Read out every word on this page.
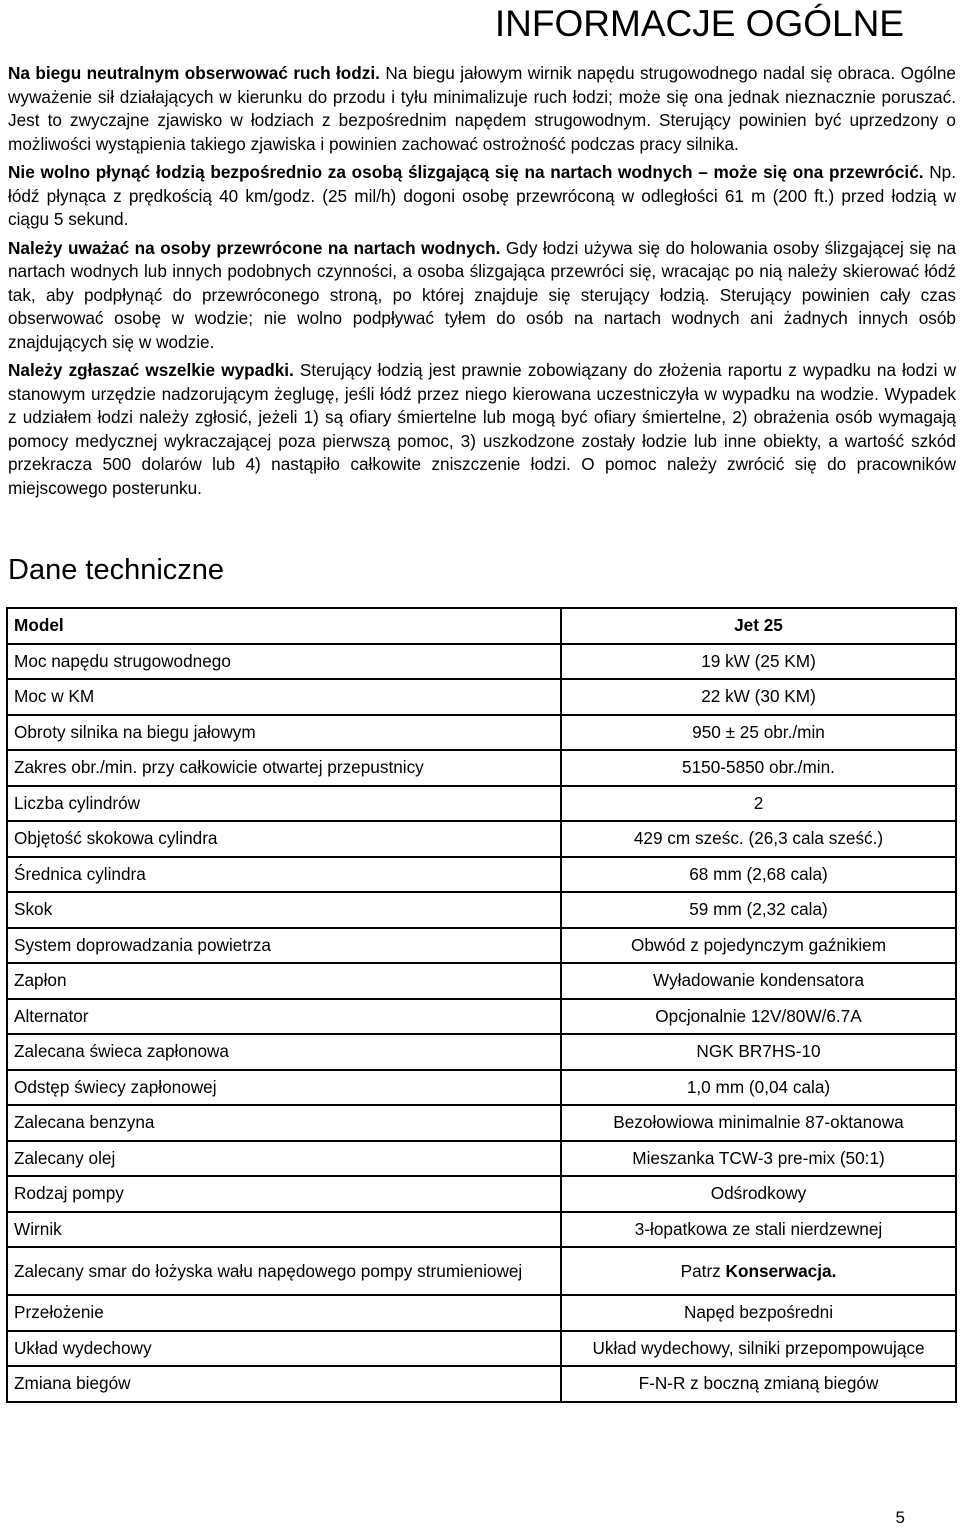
INFORMACJE OGÓLNE

Na biegu neutralnym obserwować ruch łodzi. Na biegu jałowym wirnik napędu strugowodnego nadal się obraca. Ogólne wyważenie sił działających w kierunku do przodu i tyłu minimalizuje ruch łodzi; może się ona jednak nieznacznie poruszać. Jest to zwyczajne zjawisko w łodziach z bezpośrednim napędem strugowodnym. Sterujący powinien być uprzedzony o możliwości wystąpienia takiego zjawiska i powinien zachować ostrożność podczas pracy silnika.

Nie wolno płynąć łodzią bezpośrednio za osobą ślizgającą się na nartach wodnych – może się ona przewrócić. Np. łódź płynąca z prędkością 40 km/godz. (25 mil/h) dogoni osobę przewróconą w odległości 61 m (200 ft.) przed łodzią w ciągu 5 sekund.

Należy uważać na osoby przewrócone na nartach wodnych. Gdy łodzi używa się do holowania osoby ślizgającej się na nartach wodnych lub innych podobnych czynności, a osoba ślizgająca przewróci się, wracając po nią należy skierować łódź tak, aby podpłynąć do przewróconego stroną, po której znajduje się sterujący łodzią. Sterujący powinien cały czas obserwować osobę w wodzie; nie wolno podpływać tyłem do osób na nartach wodnych ani żadnych innych osób znajdujących się w wodzie.

Należy zgłaszać wszelkie wypadki. Sterujący łodzią jest prawnie zobowiązany do złożenia raportu z wypadku na łodzi w stanowym urzędzie nadzorującym żeglugę, jeśli łódź przez niego kierowana uczestniczyła w wypadku na wodzie. Wypadek z udziałem łodzi należy zgłosić, jeżeli 1) są ofiary śmiertelne lub mogą być ofiary śmiertelne, 2) obrażenia osób wymagają pomocy medycznej wykraczającej poza pierwszą pomoc, 3) uszkodzone zostały łodzie lub inne obiekty, a wartość szkód przekracza 500 dolarów lub 4) nastąpiło całkowite zniszczenie łodzi. O pomoc należy zwrócić się do pracowników miejscowego posterunku.

Dane techniczne
Model	Jet 25
Moc napędu strugowodnego	19 kW (25 KM)
Moc w KM	22 kW (30 KM)
Obroty silnika na biegu jałowym	950 ± 25 obr./min
Zakres obr./min. przy całkowicie otwartej przepustnicy	5150-5850 obr./min.
Liczba cylindrów	2
Objętość skokowa cylindra	429 cm sześc. (26,3 cala sześć.)
Średnica cylindra	68 mm (2,68 cala)
Skok	59 mm (2,32 cala)
System doprowadzania powietrza	Obwód z pojedynczym gaźnikiem
Zapłon	Wyładowanie kondensatora
Alternator	Opcjonalnie 12V/80W/6.7A
Zalecana świeca zapłonowa	NGK BR7HS-10
Odstęp świecy zapłonowej	1,0 mm (0,04 cala)
Zalecana benzyna	Bezołowiowa minimalnie 87-oktanowa
Zalecany olej	Mieszanka TCW-3 pre-mix (50:1)
Rodzaj pompy	Odśrodkowy
Wirnik	3-łopatkowa ze stali nierdzewnej
Zalecany smar do łożyska wału napędowego pompy strumieniowej	Patrz Konserwacja.
Przełożenie	Napęd bezpośredni
Układ wydechowy	Układ wydechowy, silniki przepompowujące
Zmiana biegów	F-N-R z boczną zmianą biegów
5
